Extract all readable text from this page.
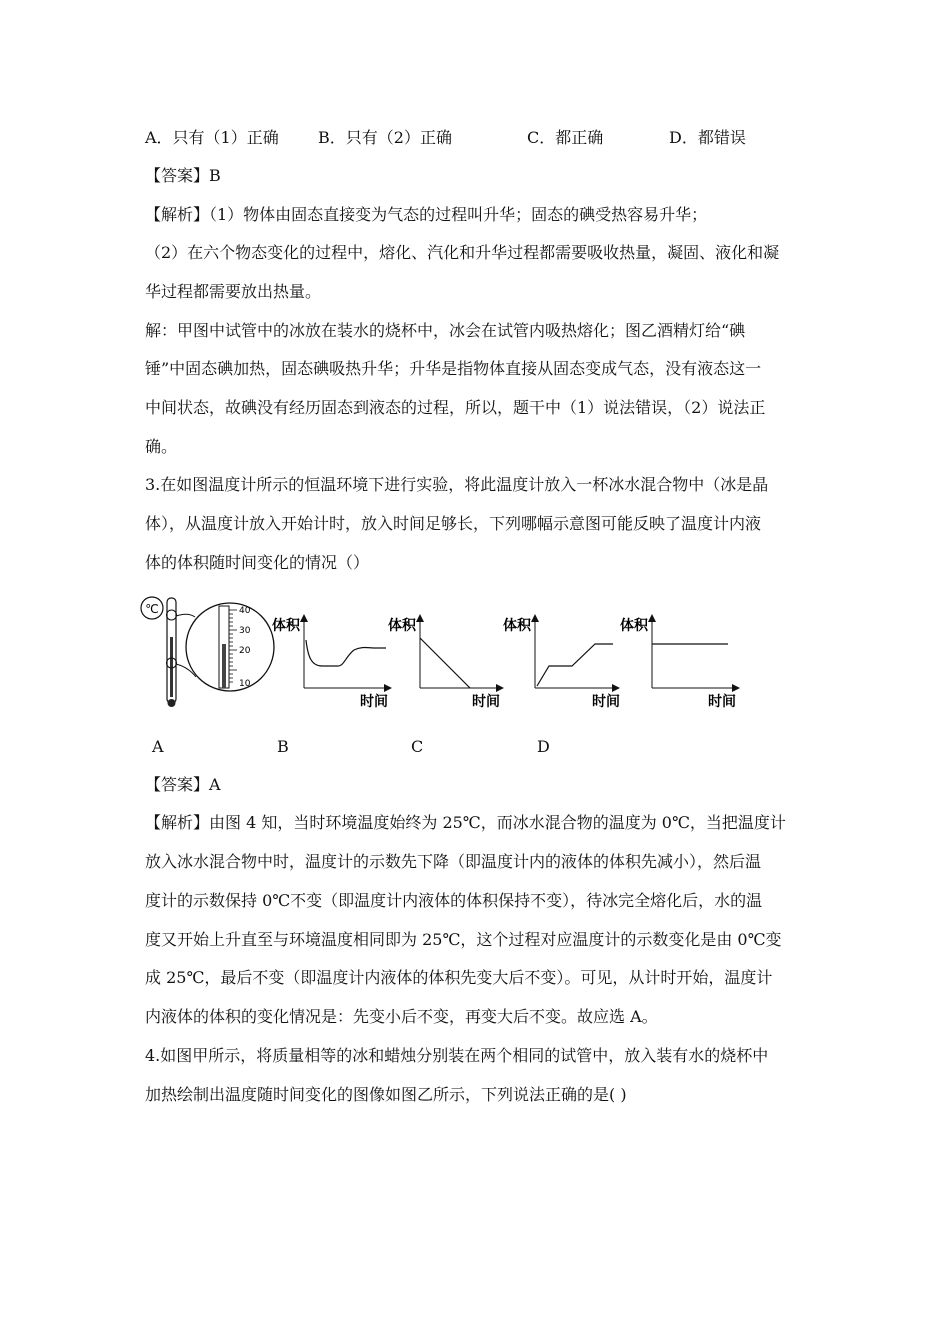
A．只有（1）正确 B．只有（2）正确	C．都正确	D．都错误
【答案】B
【解析】（1）物体由固态直接变为气态的过程叫升华；固态的碘受热容易升华；
（2）在六个物态变化的过程中，熔化、汽化和升华过程都需要吸收热量，凝固、液化和凝
华过程都需要放出热量。
解：甲图中试管中的冰放在装水的烧杯中，冰会在试管内吸热熔化；图乙酒精灯给“碘
锤”中固态碘加热，固态碘吸热升华；升华是指物体直接从固态变成气态，没有液态这一
中间状态，故碘没有经历固态到液态的过程，所以，题干中（1）说法错误，（2）说法正
确。
3.在如图温度计所示的恒温环境下进行实验，将此温度计放入一杯冰水混合物中（冰是晶
体），从温度计放入开始计时，放入时间足够长，下列哪幅示意图可能反映了温度计内液
体的体积随时间变化的情况（）
℃	40
30
20
10
体积
时间
体积
时间
体积
时间
体积
时间
A	B	C	D
【答案】A
【解析】由图 4 知，当时环境温度始终为 25℃，而冰水混合物的温度为 0℃，当把温度计
放入冰水混合物中时，温度计的示数先下降（即温度计内的液体的体积先减小），然后温
度计的示数保持 0℃不变（即温度计内液体的体积保持不变），待冰完全熔化后，水的温
度又开始上升直至与环境温度相同即为 25℃，这个过程对应温度计的示数变化是由 0℃变
成 25℃，最后不变（即温度计内液体的体积先变大后不变）。可见，从计时开始，温度计
内液体的体积的变化情况是：先变小后不变，再变大后不变。故应选 A。
4.如图甲所示，将质量相等的冰和蜡烛分别装在两个相同的试管中，放入装有水的烧杯中
加热绘制出温度随时间变化的图像如图乙所示，下列说法正确的是( )
